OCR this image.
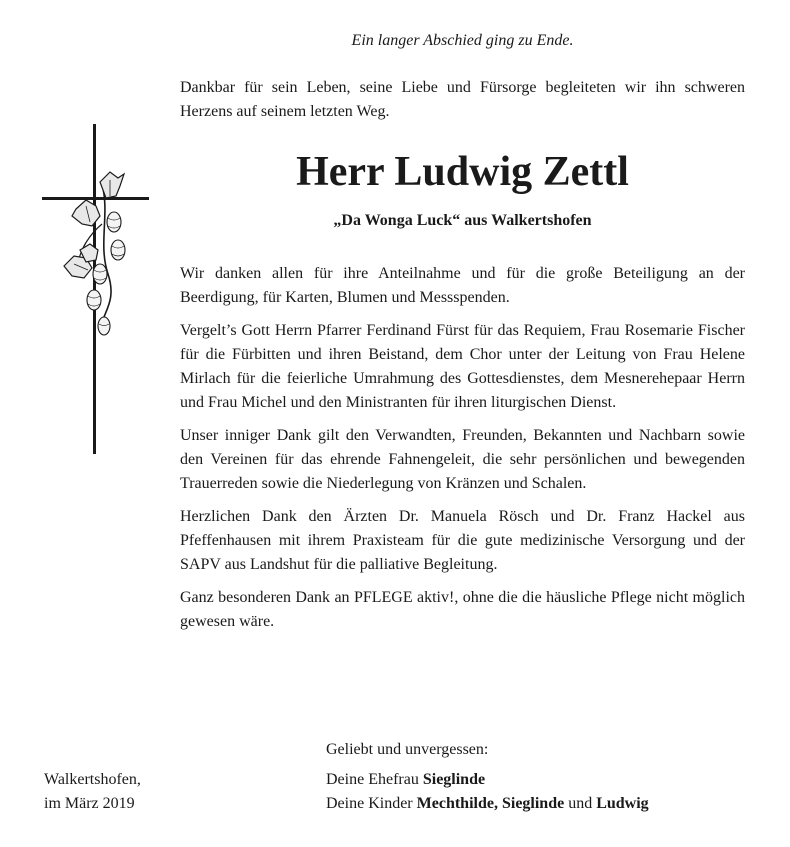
Ein langer Abschied ging zu Ende.
Dankbar für sein Leben, seine Liebe und Fürsorge begleiteten wir ihn schweren Herzens auf seinem letzten Weg.
Herr Ludwig Zettl
„Da Wonga Luck“ aus Walkertshofen

Wir danken allen für ihre Anteilnahme und für die große Beteiligung an der Beerdigung, für Karten, Blumen und Messspenden.

Vergelt’s Gott Herrn Pfarrer Ferdinand Fürst für das Requiem, Frau Rosemarie Fischer für die Fürbitten und ihren Beistand, dem Chor unter der Leitung von Frau Helene Mirlach für die feierliche Umrahmung des Gottesdienstes, dem Mesnerehepaar Herrn und Frau Michel und den Ministranten für ihren liturgischen Dienst.

Unser inniger Dank gilt den Verwandten, Freunden, Bekannten und Nachbarn sowie den Vereinen für das ehrende Fahnengeleit, die sehr persönlichen und bewegenden Trauerreden sowie die Niederlegung von Kränzen und Schalen.

Herzlichen Dank den Ärzten Dr. Manuela Rösch und Dr. Franz Hackel aus Pfeffenhausen mit ihrem Praxisteam für die gute medizinische Versorgung und der SAPV aus Landshut für die palliative Begleitung.

Ganz besonderen Dank an PFLEGE aktiv!, ohne die die häusliche Pflege nicht möglich gewesen wäre.

Geliebt und unvergessen:
Walkertshofen,
im März 2019
Deine Ehefrau Sieglinde
Deine Kinder Mechthilde, Sieglinde und Ludwig
